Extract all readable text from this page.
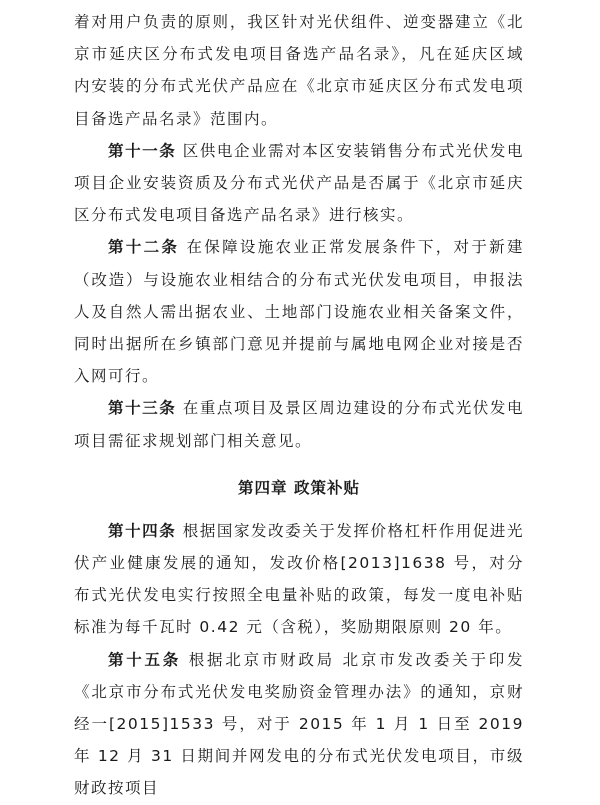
着对用户负责的原则，我区针对光伏组件、逆变器建立《北京市延庆区分布式发电项目备选产品名录》，凡在延庆区域内安装的分布式光伏产品应在《北京市延庆区分布式发电项目备选产品名录》范围内。

第十一条 区供电企业需对本区安装销售分布式光伏发电项目企业安装资质及分布式光伏产品是否属于《北京市延庆区分布式发电项目备选产品名录》进行核实。

第十二条 在保障设施农业正常发展条件下，对于新建（改造）与设施农业相结合的分布式光伏发电项目，申报法人及自然人需出据农业、土地部门设施农业相关备案文件，同时出据所在乡镇部门意见并提前与属地电网企业对接是否入网可行。

第十三条 在重点项目及景区周边建设的分布式光伏发电项目需征求规划部门相关意见。

第四章 政策补贴

第十四条 根据国家发改委关于发挥价格杠杆作用促进光伏产业健康发展的通知，发改价格[2013]1638 号，对分布式光伏发电实行按照全电量补贴的政策，每发一度电补贴标准为每千瓦时 0.42 元（含税），奖励期限原则 20 年。

第十五条 根据北京市财政局 北京市发改委关于印发《北京市分布式光伏发电奖励资金管理办法》的通知，京财经一[2015]1533 号，对于 2015 年 1 月 1 日至 2019 年 12 月 31 日期间并网发电的分布式光伏发电项目，市级财政按项目
